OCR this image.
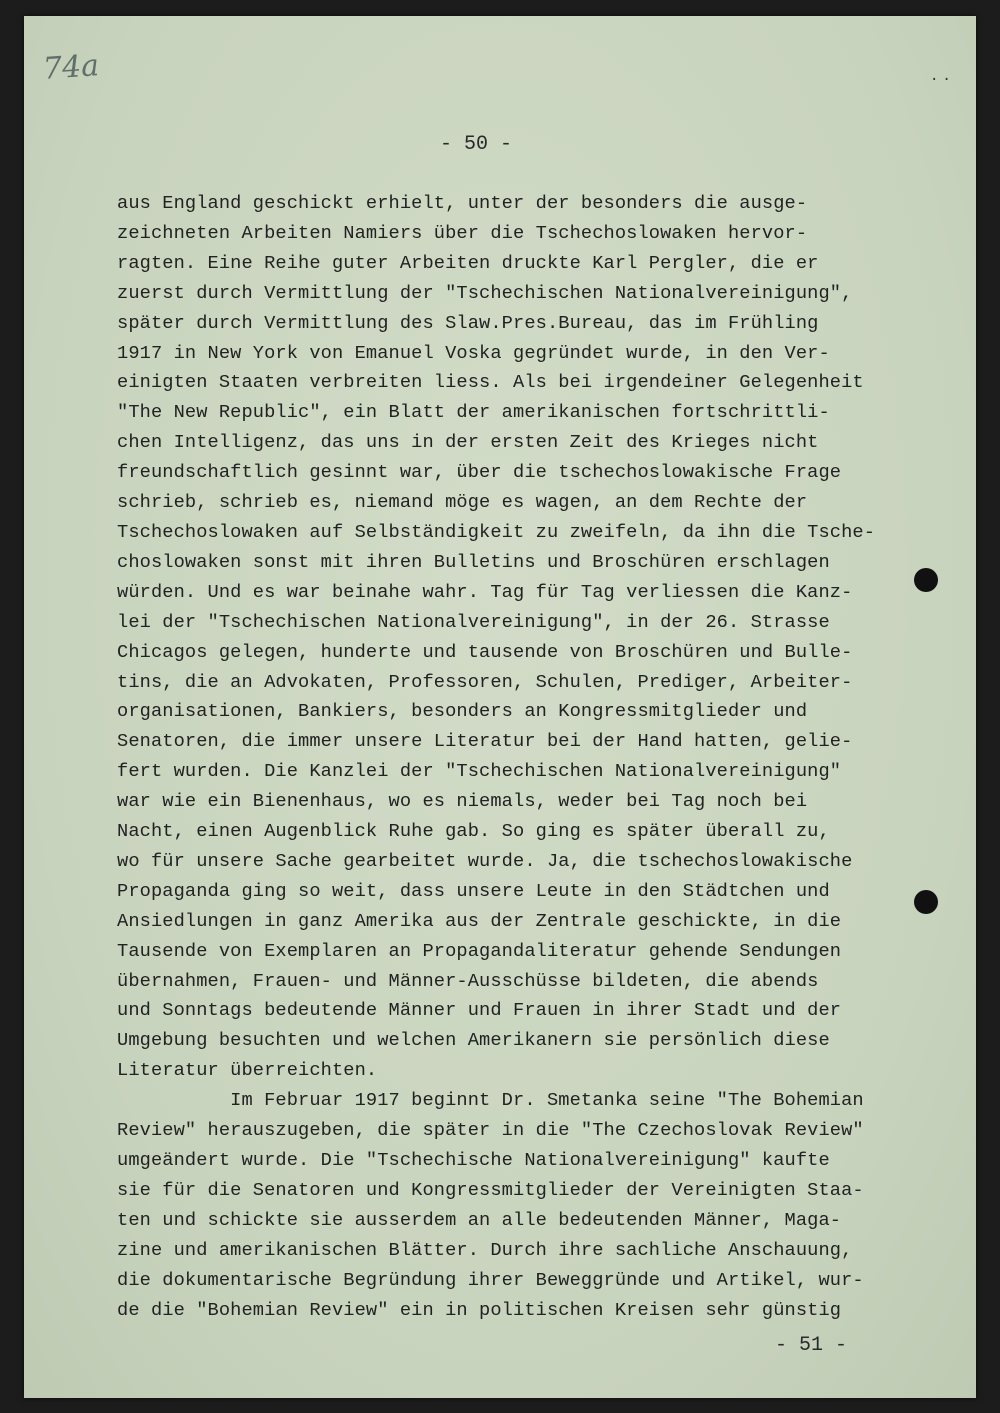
74a	..
- 50 -
aus England geschickt erhielt, unter der besonders die ausge-
zeichneten Arbeiten Namiers über die Tschechoslowaken hervor-
ragten. Eine Reihe guter Arbeiten druckte Karl Pergler, die er
zuerst durch Vermittlung der "Tschechischen Nationalvereinigung",
später durch Vermittlung des Slaw.Pres.Bureau, das im Frühling
1917 in New York von Emanuel Voska gegründet wurde, in den Ver-
einigten Staaten verbreiten liess. Als bei irgendeiner Gelegenheit
"The New Republic", ein Blatt der amerikanischen fortschrittli-
chen Intelligenz, das uns in der ersten Zeit des Krieges nicht
freundschaftlich gesinnt war, über die tschechoslowakische Frage
schrieb, schrieb es, niemand möge es wagen, an dem Rechte der
Tschechoslowaken auf Selbständigkeit zu zweifeln, da ihn die Tsche-
choslowaken sonst mit ihren Bulletins und Broschüren erschlagen
würden. Und es war beinahe wahr. Tag für Tag verliessen die Kanz-
lei der "Tschechischen Nationalvereinigung", in der 26. Strasse
Chicagos gelegen, hunderte und tausende von Broschüren und Bulle-
tins, die an Advokaten, Professoren, Schulen, Prediger, Arbeiter-
organisationen, Bankiers, besonders an Kongressmitglieder und
Senatoren, die immer unsere Literatur bei der Hand hatten, gelie-
fert wurden. Die Kanzlei der "Tschechischen Nationalvereinigung"
war wie ein Bienenhaus, wo es niemals, weder bei Tag noch bei
Nacht, einen Augenblick Ruhe gab. So ging es später überall zu,
wo für unsere Sache gearbeitet wurde. Ja, die tschechoslowakische
Propaganda ging so weit, dass unsere Leute in den Städtchen und
Ansiedlungen in ganz Amerika aus der Zentrale geschickte, in die
Tausende von Exemplaren an Propagandaliteratur gehende Sendungen
übernahmen, Frauen- und Männer-Ausschüsse bildeten, die abends
und Sonntags bedeutende Männer und Frauen in ihrer Stadt und der
Umgebung besuchten und welchen Amerikanern sie persönlich diese
Literatur überreichten.
Im Februar 1917 beginnt Dr. Smetanka seine "The Bohemian
Review" herauszugeben, die später in die "The Czechoslovak Review"
umgeändert wurde. Die "Tschechische Nationalvereinigung" kaufte
sie für die Senatoren und Kongressmitglieder der Vereinigten Staa-
ten und schickte sie ausserdem an alle bedeutenden Männer, Maga-
zine und amerikanischen Blätter. Durch ihre sachliche Anschauung,
die dokumentarische Begründung ihrer Beweggründe und Artikel, wur-
de die "Bohemian Review" ein in politischen Kreisen sehr günstig
- 51 -
